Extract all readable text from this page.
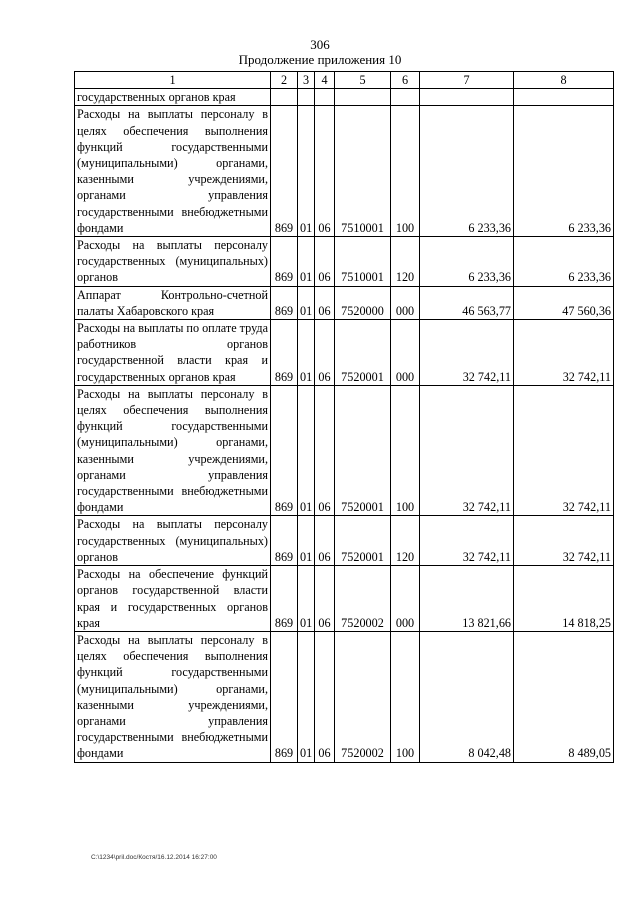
306
Продолжение приложения 10
1	2	3	4	5	6	7	8
государственных органов края							
Расходы на выплаты персоналу в целях обеспечения выполнения функций государственными (муниципальными) органами, казенными учреждениями, органами управления государственными внебюджетными фондами	869	01	06	7510001	100	6 233,36	6 233,36
Расходы на выплаты персоналу государственных (муниципальных) органов	869	01	06	7510001	120	6 233,36	6 233,36
Аппарат Контрольно-счетной палаты Хабаровского края	869	01	06	7520000	000	46 563,77	47 560,36
Расходы на выплаты по оплате труда работников органов государственной власти края и государственных органов края	869	01	06	7520001	000	32 742,11	32 742,11
Расходы на выплаты персоналу в целях обеспечения выполнения функций государственными (муниципальными) органами, казенными учреждениями, органами управления государственными внебюджетными фондами	869	01	06	7520001	100	32 742,11	32 742,11
Расходы на выплаты персоналу государственных (муниципальных) органов	869	01	06	7520001	120	32 742,11	32 742,11
Расходы на обеспечение функций органов государственной власти края и государственных органов края	869	01	06	7520002	000	13 821,66	14 818,25
Расходы на выплаты персоналу в целях обеспечения выполнения функций государственными (муниципальными) органами, казенными учреждениями, органами управления государственными внебюджетными фондами	869	01	06	7520002	100	8 042,48	8 489,05
C:\1234\pril.doc/Костя/16.12.2014 16:27:00
